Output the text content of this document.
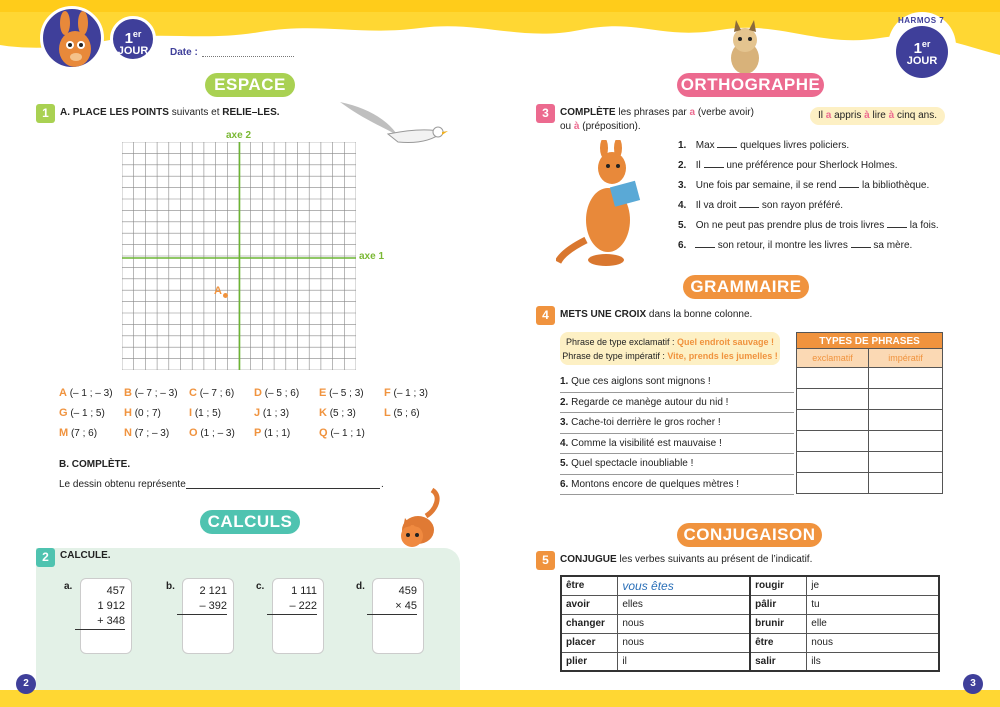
1er
JOUR	Date :
HARMOS 7
1er
JOUR
ESPACE
1	A. PLACE LES POINTS suivants et RELIE–LES.
axe 2
axe 1
A
A (– 1 ; – 3) B (– 7 ; – 3) C (– 7 ; 6) D (– 5 ; 6) E (– 5 ; 3) F (– 1 ; 3)
G (– 1 ; 5) H (0 ; 7)	I (1 ; 5)	J (1 ; 3)	K (5 ; 3)	L (5 ; 6)
M (7 ; 6) N (7 ; – 3) O (1 ; – 3) P (1 ; 1)	Q (– 1 ; 1)
B. COMPLÈTE.
Le dessin obtenu représente	.
CALCULS
2	CALCULE.
a.	457
1 912
+ 348
b.	2 121
– 392
c.	1 111
– 222
d.	459
× 45
ORTHOGRAPHE
3	COMPLÈTE les phrases par a (verbe avoir)
ou à (préposition).
Il a appris à lire à cinq ans.
1. Max  quelques livres policiers.
2. Il  une préférence pour Sherlock Holmes.
3. Une fois par semaine, il se rend  la bibliothèque.
4. Il va droit  son rayon préféré.
5. On ne peut pas prendre plus de trois livres  la fois.
6.	son retour, il montre les livres  sa mère.
GRAMMAIRE
4	METS UNE CROIX dans la bonne colonne.
Phrase de type exclamatif : Quel endroit sauvage !
Phrase de type impératif : Vite, prends les jumelles !
TYPES DE PHRASES
exclamatif	impératif
1. Que ces aiglons sont mignons !
2. Regarde ce manège autour du nid !
3. Cache-toi derrière le gros rocher !
4. Comme la visibilité est mauvaise !
5. Quel spectacle inoubliable !
6. Montons encore de quelques mètres !
CONJUGAISON
5	CONJUGUE les verbes suivants au présent de l’indicatif.
être	vous êtes	rougir	je
avoir	elles	pâlir	tu
changer	nous	brunir	elle
placer	nous	être	nous
plier	il	salir	ils
2	3
